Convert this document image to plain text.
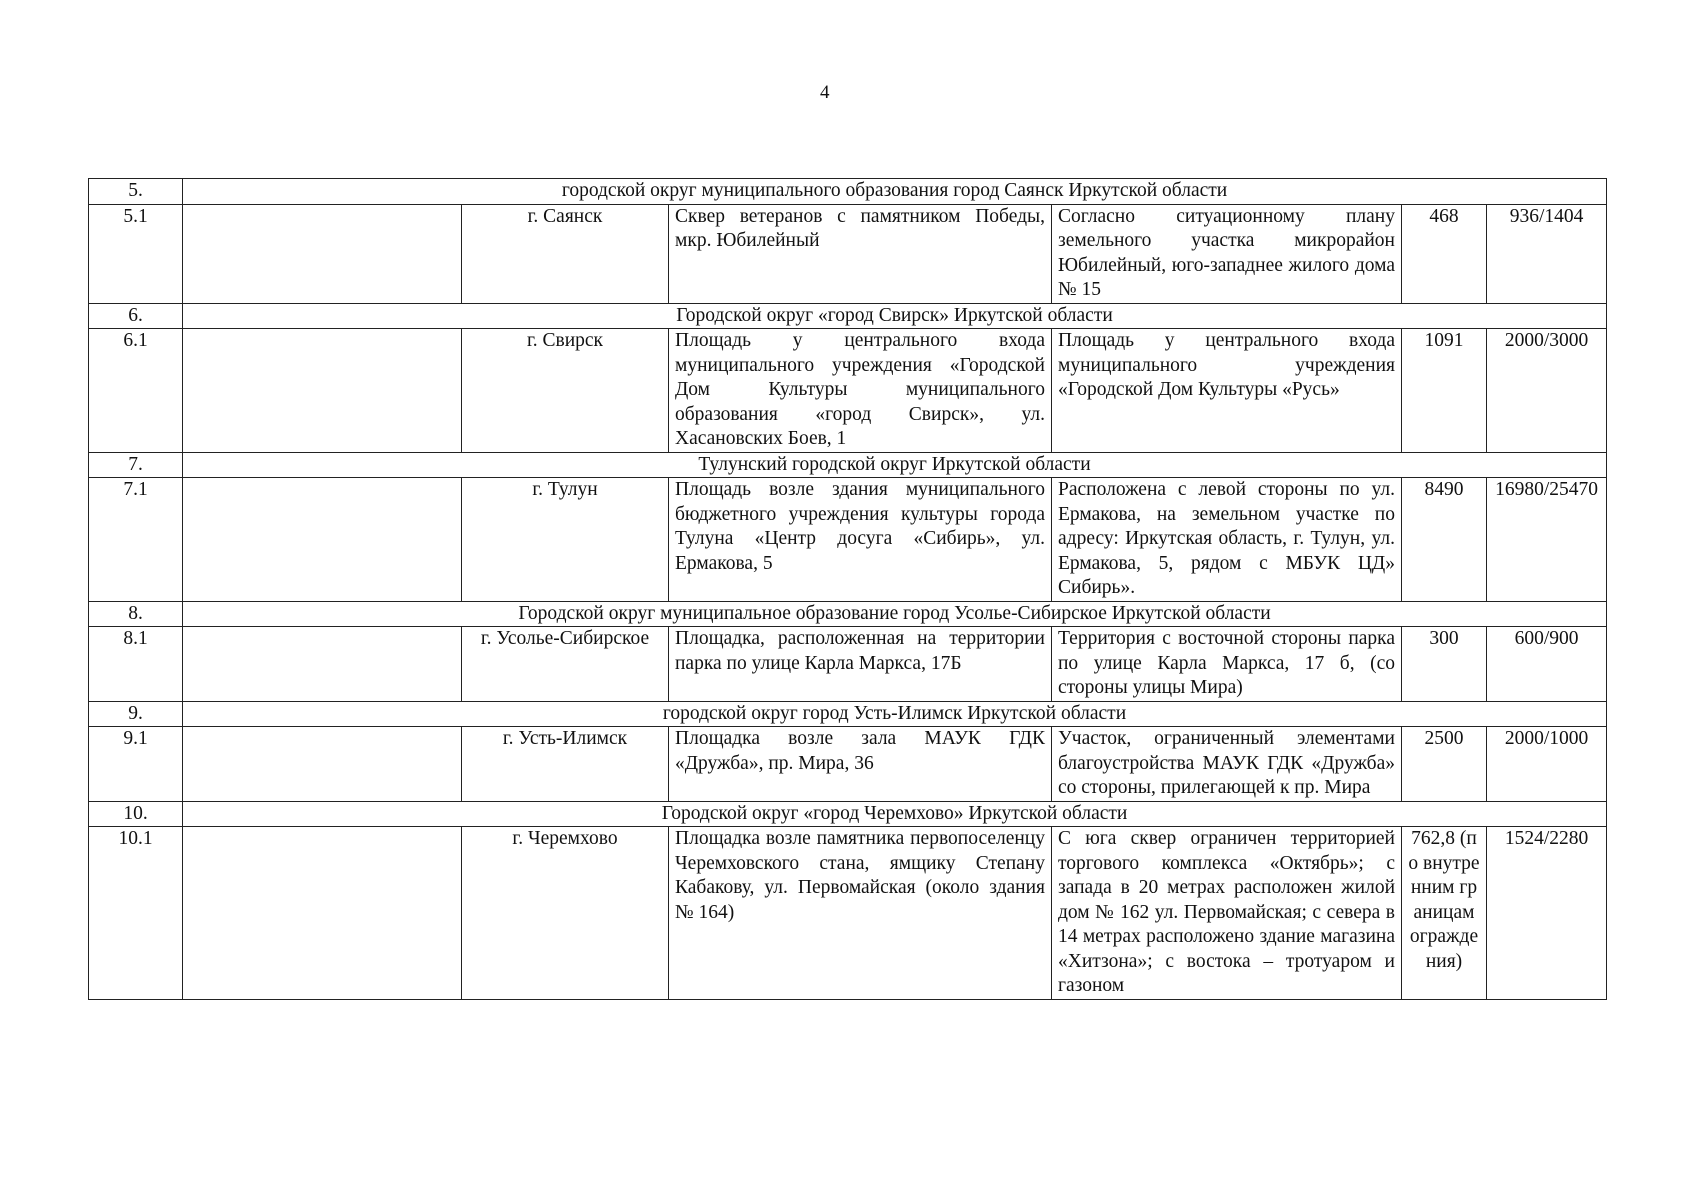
4
5.	городской округ муниципального образования город Саянск Иркутской области					
5.1		г. Саянск	Сквер ветеранов с памятником Победы, мкр. Юбилейный	Согласно ситуационному плану земельного участка микрорайон Юбилейный, юго-западнее жилого дома № 15	468	936/1404
6.	Городской округ «город Свирск» Иркутской области					
6.1		г. Свирск	Площадь у центрального входа муниципального учреждения «Городской Дом Культуры муниципального образования «город Свирск», ул. Хасановских Боев, 1	Площадь у центрального входа муниципального учреждения «Городской Дом Культуры «Русь»	1091	2000/3000
7.	Тулунский городской округ Иркутской области					
7.1		г. Тулун	Площадь возле здания муниципального бюджетного учреждения культуры города Тулуна «Центр досуга «Сибирь», ул. Ермакова, 5	Расположена с левой стороны по ул. Ермакова, на земельном участке по адресу: Иркутская область, г. Тулун, ул. Ермакова, 5, рядом с МБУК ЦД» Сибирь».	8490	16980/25470
8.	Городской округ муниципальное образование город Усолье-Сибирское Иркутской области					
8.1		г. Усолье-Сибирское	Площадка, расположенная на территории парка по улице Карла Маркса, 17Б	Территория с восточной стороны парка по улице Карла Маркса, 17 б, (со стороны улицы Мира)	300	600/900
9.	городской округ город Усть-Илимск Иркутской области					
9.1		г. Усть-Илимск	Площадка возле зала МАУК ГДК «Дружба», пр. Мира, 36	Участок, ограниченный элементами благоустройства МАУК ГДК «Дружба» со стороны, прилегающей к пр. Мира	2500	2000/1000
10.	Городской округ «город Черемхово» Иркутской области					
10.1		г. Черемхово	Площадка возле памятника первопоселенцу Черемховского стана, ямщику Степану Кабакову, ул. Первомайская (около здания № 164)	С юга сквер ограничен территорией торгового комплекса «Октябрь»; с запада в 20 метрах расположен жилой дом № 162 ул. Первомайская; с севера в 14 метрах расположено здание магазина «Хитзона»; с востока – тротуаром и газоном	762,8 (по внутренним границам ограждения)	1524/2280
